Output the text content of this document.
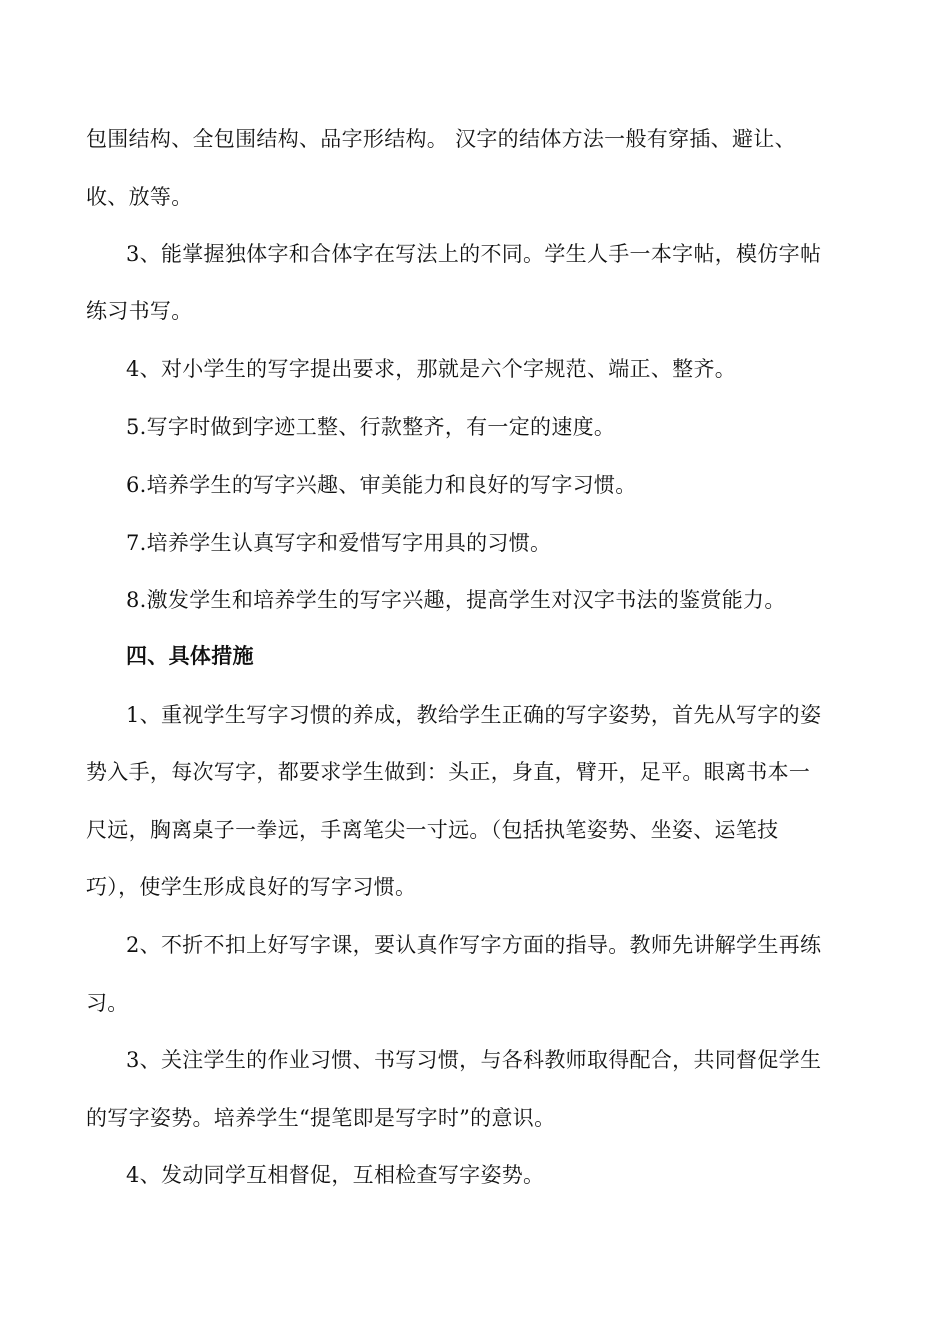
包围结构、全包围结构、品字形结构。 汉字的结体方法一般有穿插、避让、
收、放等。
3、能掌握独体字和合体字在写法上的不同。学生人手一本字帖，模仿字帖
练习书写。
4、对小学生的写字提出要求，那就是六个字规范、端正、整齐。
5.写字时做到字迹工整、行款整齐，有一定的速度。
6.培养学生的写字兴趣、审美能力和良好的写字习惯。
7.培养学生认真写字和爱惜写字用具的习惯。
8.激发学生和培养学生的写字兴趣，提高学生对汉字书法的鉴赏能力。
四、具体措施
1、重视学生写字习惯的养成，教给学生正确的写字姿势，首先从写字的姿
势入手，每次写字，都要求学生做到：头正，身直，臂开，足平。眼离书本一
尺远，胸离桌子一拳远，手离笔尖一寸远。（包括执笔姿势、坐姿、运笔技
巧），使学生形成良好的写字习惯。
2、不折不扣上好写字课，要认真作写字方面的指导。教师先讲解学生再练
习。
3、关注学生的作业习惯、书写习惯，与各科教师取得配合，共同督促学生
的写字姿势。培养学生“提笔即是写字时”的意识。
4、发动同学互相督促，互相检查写字姿势。
